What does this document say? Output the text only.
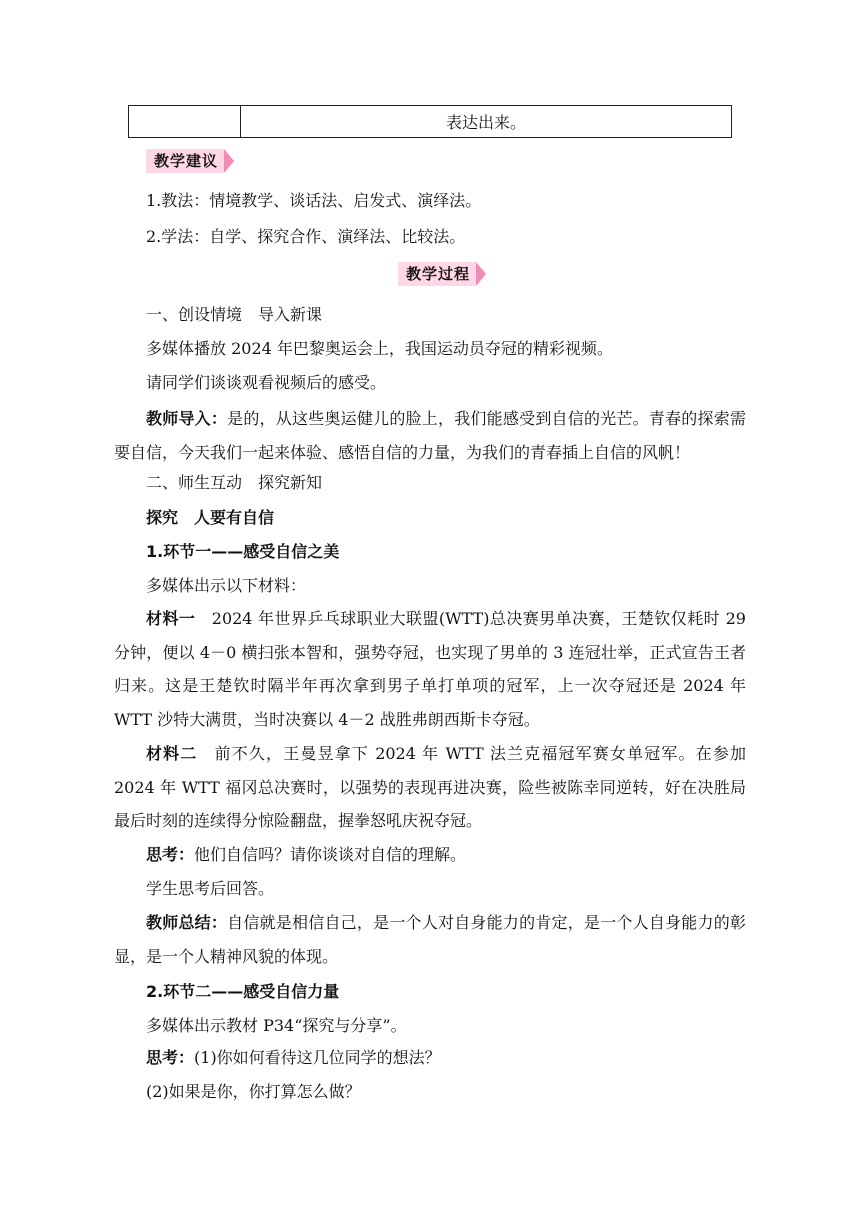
表达出来。
教学建议
1.教法：情境教学、谈话法、启发式、演绎法。
2.学法：自学、探究合作、演绎法、比较法。
教学过程
一、创设情境　导入新课
多媒体播放 2024 年巴黎奥运会上，我国运动员夺冠的精彩视频。
请同学们谈谈观看视频后的感受。
教师导入：是的，从这些奥运健儿的脸上，我们能感受到自信的光芒。青春的探索需要自信，今天我们一起来体验、感悟自信的力量，为我们的青春插上自信的风帆！
二、师生互动　探究新知
探究　人要有自信
1.环节一——感受自信之美
多媒体出示以下材料：
材料一　2024 年世界乒乓球职业大联盟(WTT)总决赛男单决赛，王楚钦仅耗时 29 分钟，便以 4－0 横扫张本智和，强势夺冠，也实现了男单的 3 连冠壮举，正式宣告王者归来。这是王楚钦时隔半年再次拿到男子单打单项的冠军，上一次夺冠还是 2024 年 WTT 沙特大满贯，当时决赛以 4－2 战胜弗朗西斯卡夺冠。
材料二　前不久，王曼昱拿下 2024 年 WTT 法兰克福冠军赛女单冠军。在参加 2024 年 WTT 福冈总决赛时，以强势的表现再进决赛，险些被陈幸同逆转，好在决胜局最后时刻的连续得分惊险翻盘，握拳怒吼庆祝夺冠。
思考：他们自信吗？请你谈谈对自信的理解。
学生思考后回答。
教师总结：自信就是相信自己，是一个人对自身能力的肯定，是一个人自身能力的彰显，是一个人精神风貌的体现。
2.环节二——感受自信力量
多媒体出示教材 P34“探究与分享”。
思考：(1)你如何看待这几位同学的想法？
(2)如果是你，你打算怎么做？
